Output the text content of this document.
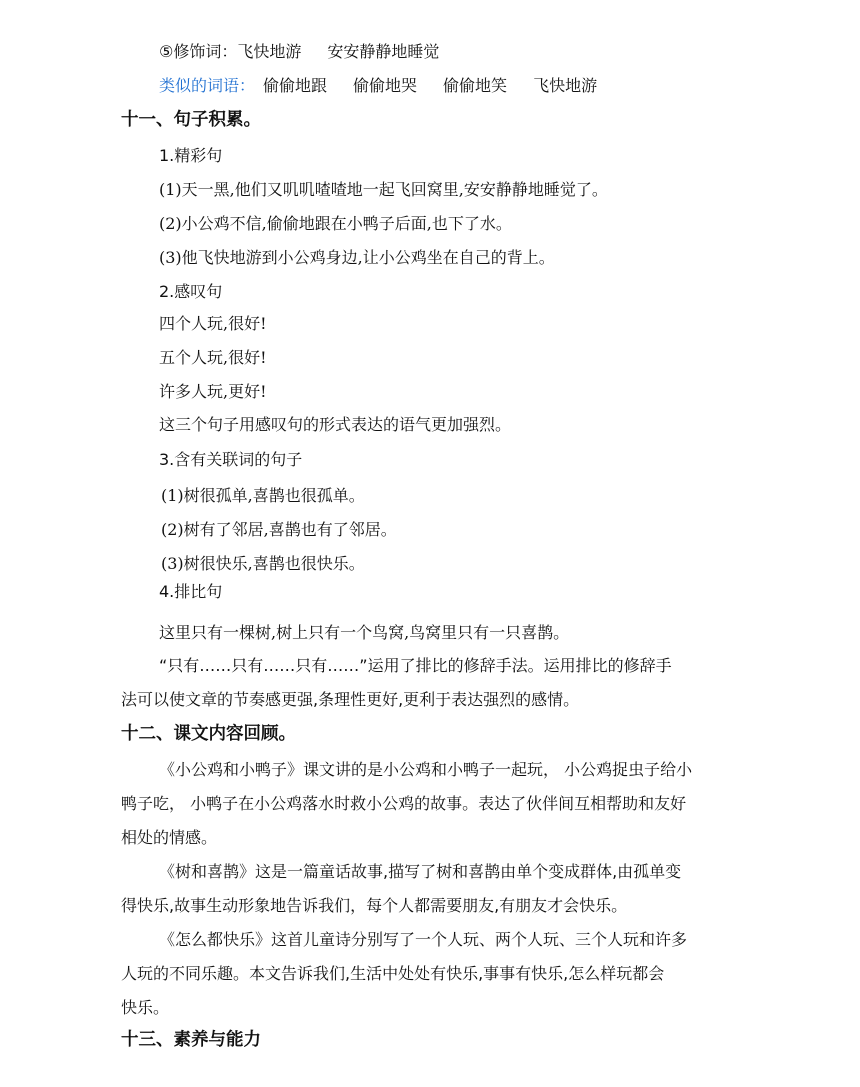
⑤修饰词：飞快地游 安安静静地睡觉
类似的词语： 偷偷地跟 偷偷地哭 偷偷地笑 飞快地游
十一、句子积累。
1.精彩句
(1)天一黑,他们又叽叽喳喳地一起飞回窝里,安安静静地睡觉了。
(2)小公鸡不信,偷偷地跟在小鸭子后面,也下了水。
(3)他飞快地游到小公鸡身边,让小公鸡坐在自己的背上。
2.感叹句
四个人玩,很好!
五个人玩,很好!
许多人玩,更好!
这三个句子用感叹句的形式表达的语气更加强烈。
3.含有关联词的句子
(1)树很孤单,喜鹊也很孤单。
(2)树有了邻居,喜鹊也有了邻居。
(3)树很快乐,喜鹊也很快乐。
4.排比句
这里只有一棵树,树上只有一个鸟窝,鸟窝里只有一只喜鹊。
“只有……只有……只有……”运用了排比的修辞手法。运用排比的修辞手
法可以使文章的节奏感更强,条理性更好,更利于表达强烈的感情。
十二、课文内容回顾。
《小公鸡和小鸭子》课文讲的是小公鸡和小鸭子一起玩， 小公鸡捉虫子给小
鸭子吃， 小鸭子在小公鸡落水时救小公鸡的故事。表达了伙伴间互相帮助和友好
相处的情感。
《树和喜鹊》这是一篇童话故事,描写了树和喜鹊由单个变成群体,由孤单变
得快乐,故事生动形象地告诉我们，每个人都需要朋友,有朋友才会快乐。
《怎么都快乐》这首儿童诗分别写了一个人玩、两个人玩、三个人玩和许多
人玩的不同乐趣。本文告诉我们,生活中处处有快乐,事事有快乐,怎么样玩都会
快乐。
十三、素养与能力
